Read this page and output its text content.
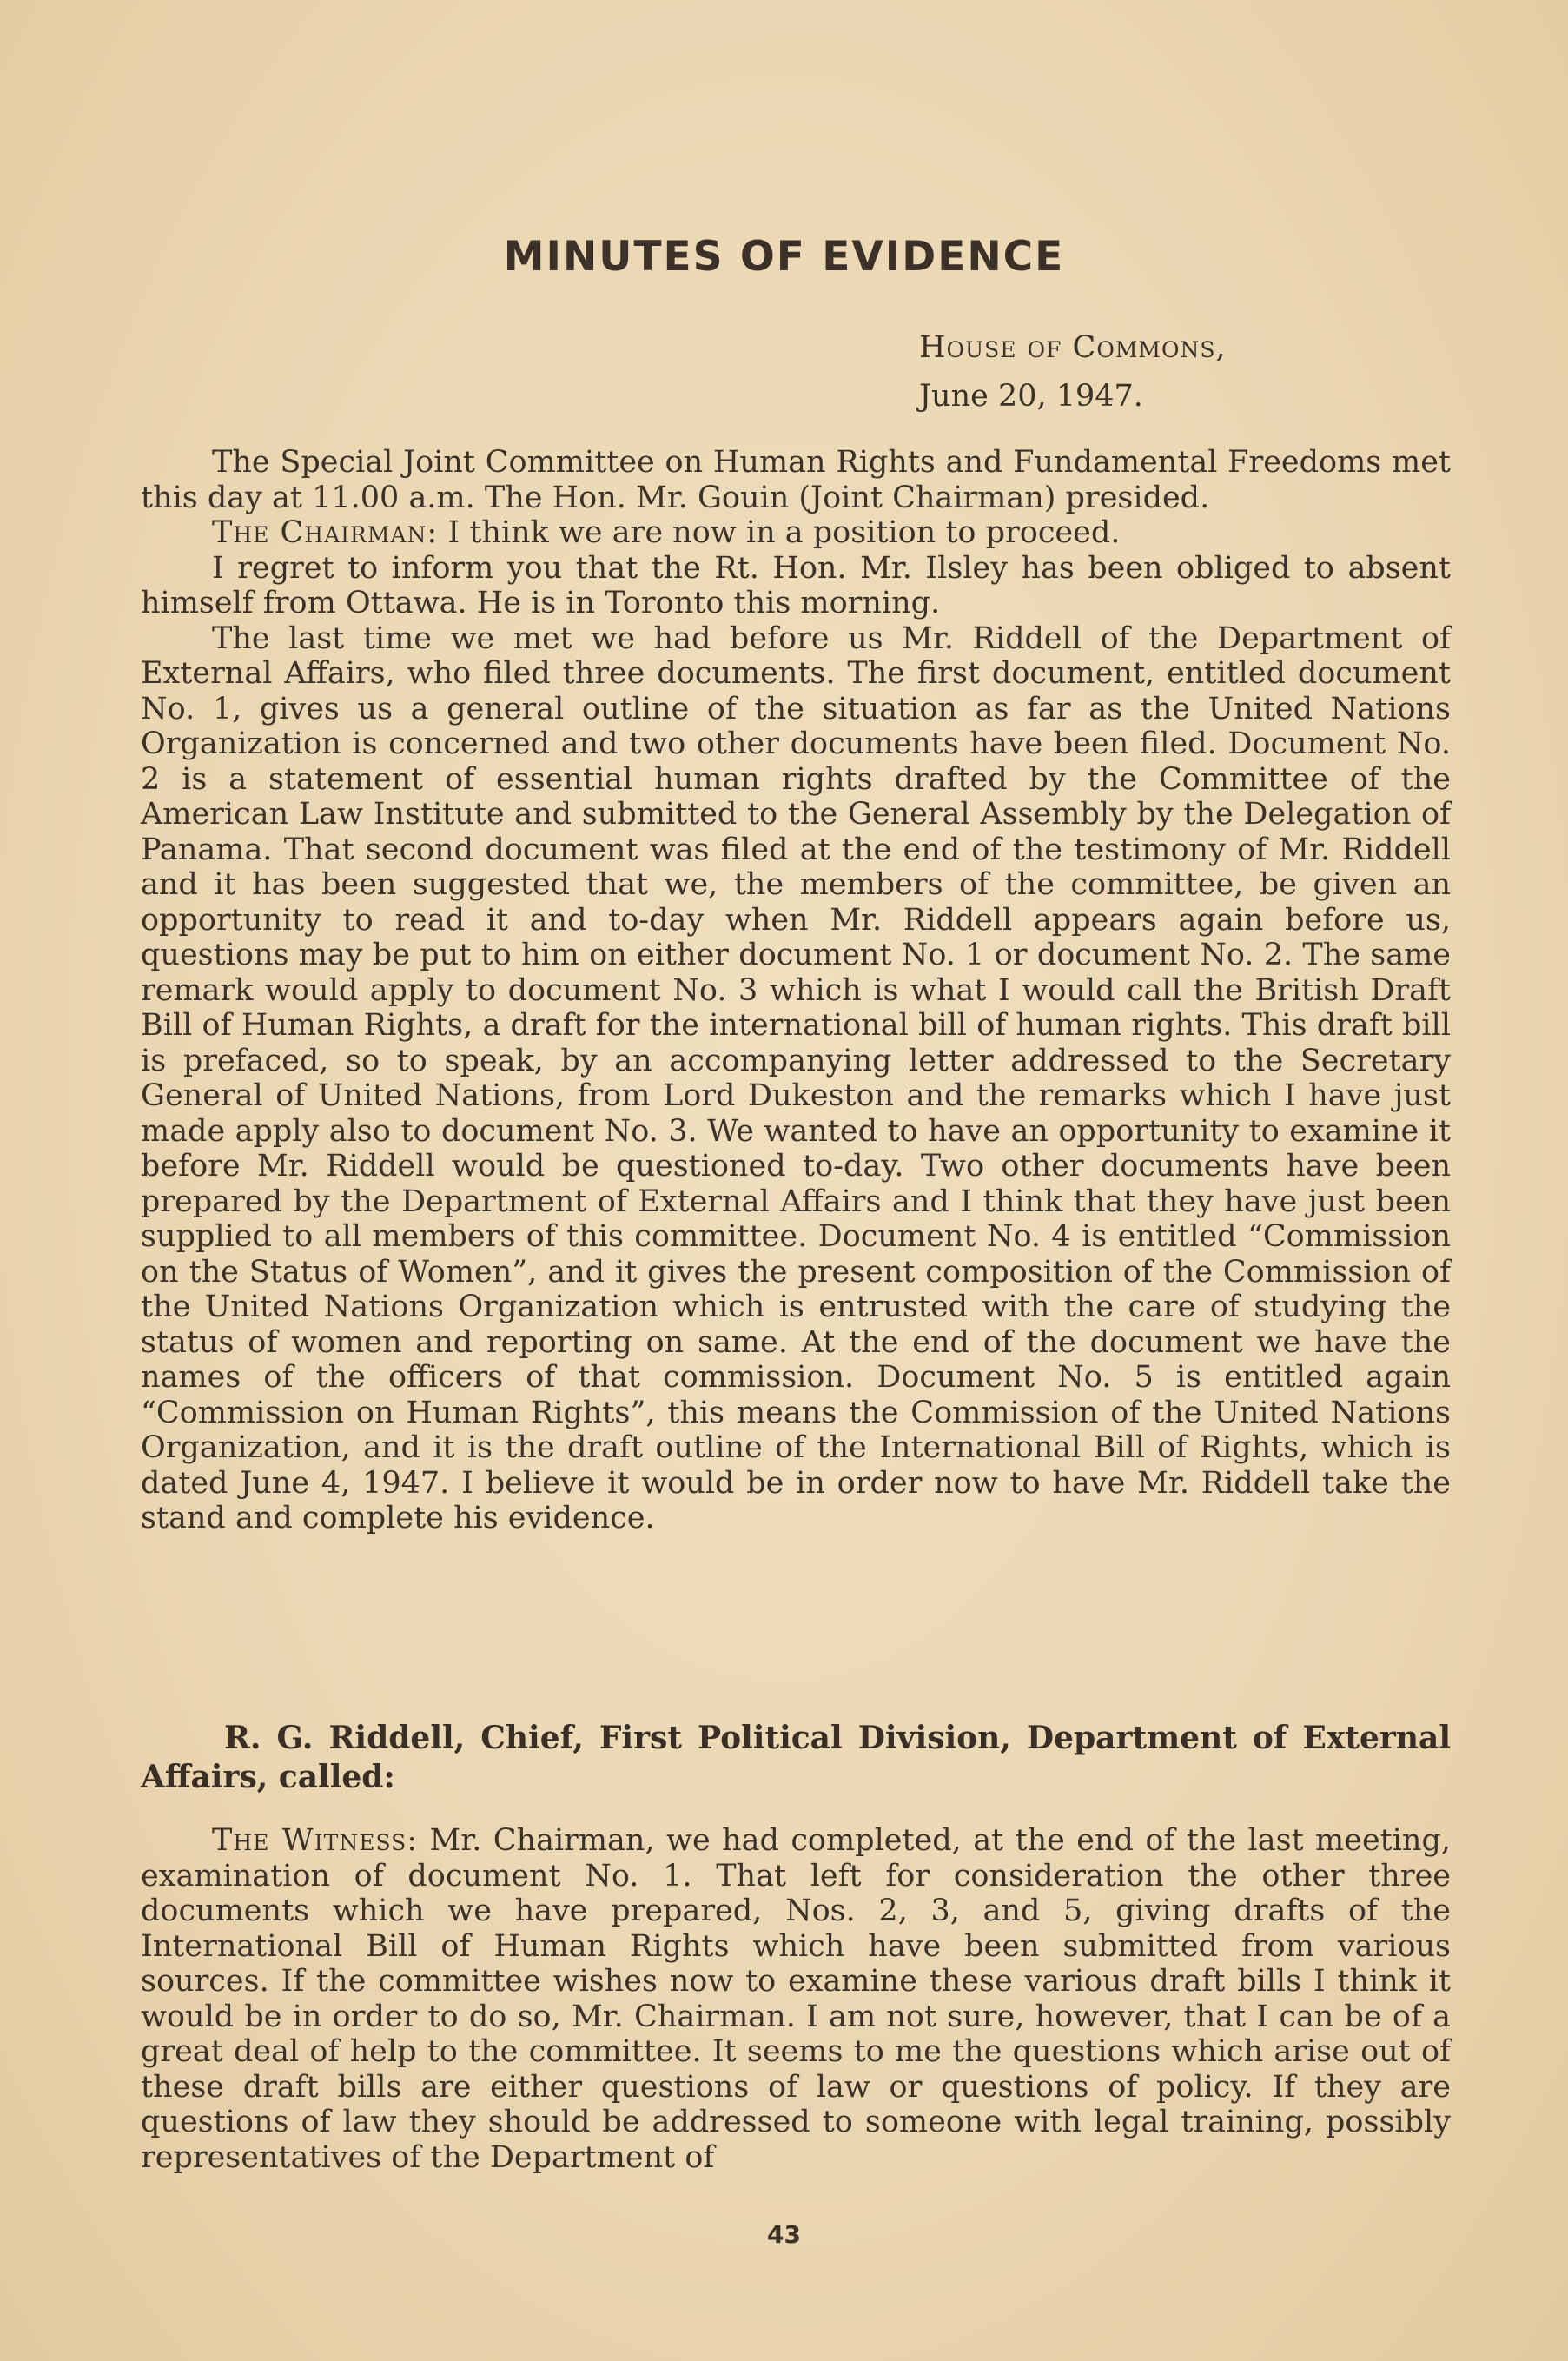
MINUTES OF EVIDENCE
House of Commons,
June 20, 1947.

The Special Joint Committee on Human Rights and Fundamental Freedoms met this day at 11.00 a.m. The Hon. Mr. Gouin (Joint Chairman) presided.

The Chairman: I think we are now in a position to proceed.

I regret to inform you that the Rt. Hon. Mr. Ilsley has been obliged to absent himself from Ottawa. He is in Toronto this morning.

The last time we met we had before us Mr. Riddell of the Department of External Affairs, who filed three documents. The first document, entitled document No. 1, gives us a general outline of the situation as far as the United Nations Organization is concerned and two other documents have been filed. Document No. 2 is a statement of essential human rights drafted by the Committee of the American Law Institute and submitted to the General Assembly by the Delegation of Panama. That second document was filed at the end of the testimony of Mr. Riddell and it has been suggested that we, the members of the committee, be given an opportunity to read it and to-day when Mr. Riddell appears again before us, questions may be put to him on either document No. 1 or document No. 2. The same remark would apply to document No. 3 which is what I would call the British Draft Bill of Human Rights, a draft for the international bill of human rights. This draft bill is prefaced, so to speak, by an accompanying letter addressed to the Secretary General of United Nations, from Lord Dukeston and the remarks which I have just made apply also to document No. 3. We wanted to have an opportunity to examine it before Mr. Riddell would be questioned to-day. Two other documents have been prepared by the Department of External Affairs and I think that they have just been supplied to all members of this committee. Document No. 4 is entitled “Commission on the Status of Women”, and it gives the present composition of the Commission of the United Nations Organization which is entrusted with the care of studying the status of women and reporting on same. At the end of the document we have the names of the officers of that commission. Document No. 5 is entitled again “Commission on Human Rights”, this means the Commission of the United Nations Organization, and it is the draft outline of the International Bill of Rights, which is dated June 4, 1947. I believe it would be in order now to have Mr. Riddell take the stand and complete his evidence.

R. G. Riddell, Chief, First Political Division, Department of External Affairs, called:

The Witness: Mr. Chairman, we had completed, at the end of the last meeting, examination of document No. 1. That left for consideration the other three documents which we have prepared, Nos. 2, 3, and 5, giving drafts of the International Bill of Human Rights which have been submitted from various sources. If the committee wishes now to examine these various draft bills I think it would be in order to do so, Mr. Chairman. I am not sure, however, that I can be of a great deal of help to the committee. It seems to me the questions which arise out of these draft bills are either questions of law or questions of policy. If they are questions of law they should be addressed to someone with legal training, possibly representatives of the Department of

43
